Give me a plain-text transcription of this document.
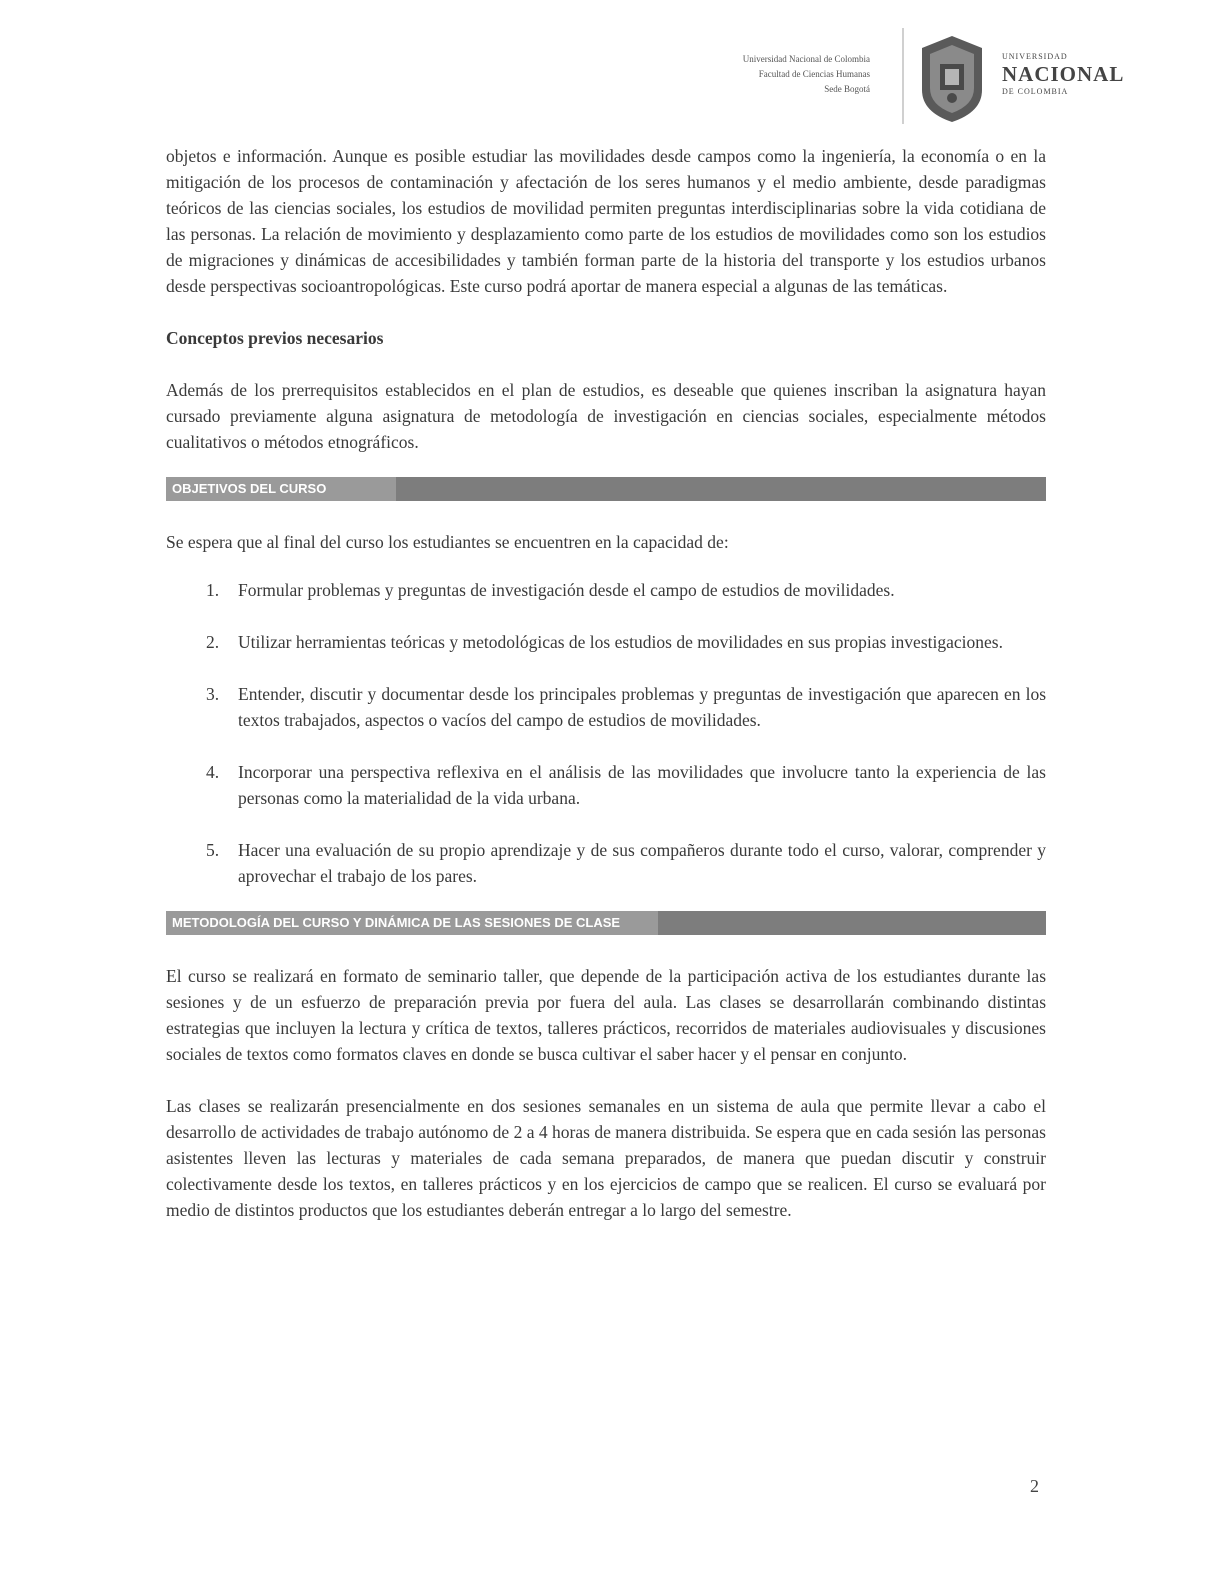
Universidad Nacional de Colombia
Facultad de Ciencias Humanas
Sede Bogotá
UNIVERSIDAD
NACIONAL
DE COLOMBIA

objetos e información. Aunque es posible estudiar las movilidades desde campos como la ingeniería, la economía o en la mitigación de los procesos de contaminación y afectación de los seres humanos y el medio ambiente, desde paradigmas teóricos de las ciencias sociales, los estudios de movilidad permiten preguntas interdisciplinarias sobre la vida cotidiana de las personas. La relación de movimiento y desplazamiento como parte de los estudios de movilidades como son los estudios de migraciones y dinámicas de accesibilidades y también forman parte de la historia del transporte y los estudios urbanos desde perspectivas socioantropológicas. Este curso podrá aportar de manera especial a algunas de las temáticas.

Conceptos previos necesarios

Además de los prerrequisitos establecidos en el plan de estudios, es deseable que quienes inscriban la asignatura hayan cursado previamente alguna asignatura de metodología de investigación en ciencias sociales, especialmente métodos cualitativos o métodos etnográficos.

OBJETIVOS DEL CURSO

Se espera que al final del curso los estudiantes se encuentren en la capacidad de:

1. Formular problemas y preguntas de investigación desde el campo de estudios de movilidades.
2. Utilizar herramientas teóricas y metodológicas de los estudios de movilidades en sus propias investigaciones.
3. Entender, discutir y documentar desde los principales problemas y preguntas de investigación que aparecen en los textos trabajados, aspectos o vacíos del campo de estudios de movilidades.
4. Incorporar una perspectiva reflexiva en el análisis de las movilidades que involucre tanto la experiencia de las personas como la materialidad de la vida urbana.
5. Hacer una evaluación de su propio aprendizaje y de sus compañeros durante todo el curso, valorar, comprender y aprovechar el trabajo de los pares.
METODOLOGÍA DEL CURSO Y DINÁMICA DE LAS SESIONES DE CLASE

El curso se realizará en formato de seminario taller, que depende de la participación activa de los estudiantes durante las sesiones y de un esfuerzo de preparación previa por fuera del aula. Las clases se desarrollarán combinando distintas estrategias que incluyen la lectura y crítica de textos, talleres prácticos, recorridos de materiales audiovisuales y discusiones sociales de textos como formatos claves en donde se busca cultivar el saber hacer y el pensar en conjunto.

Las clases se realizarán presencialmente en dos sesiones semanales en un sistema de aula que permite llevar a cabo el desarrollo de actividades de trabajo autónomo de 2 a 4 horas de manera distribuida. Se espera que en cada sesión las personas asistentes lleven las lecturas y materiales de cada semana preparados, de manera que puedan discutir y construir colectivamente desde los textos, en talleres prácticos y en los ejercicios de campo que se realicen. El curso se evaluará por medio de distintos productos que los estudiantes deberán entregar a lo largo del semestre.

2
